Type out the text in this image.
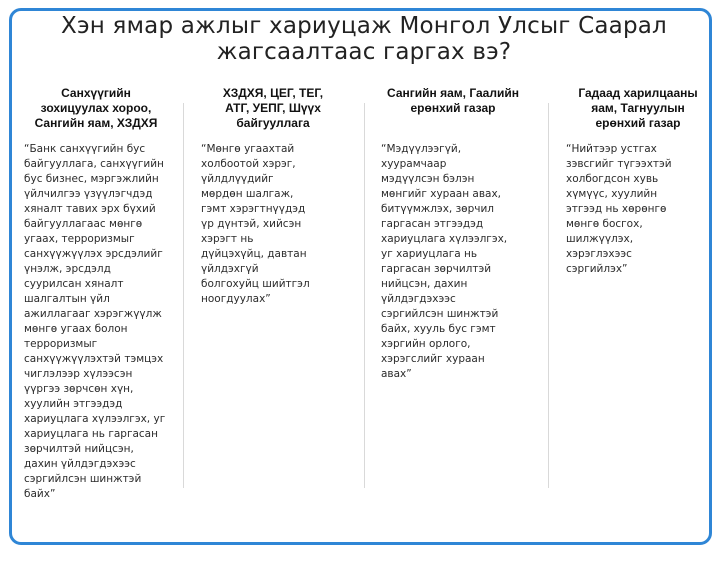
Хэн ямар ажлыг хариуцаж Монгол Улсыг Саарал
жагсаалтаас гаргах вэ?
Санхүүгийн
зохицуулах хороо,
Сангийн яам, ХЗДХЯ
“Банк санхүүгийн бус
байгууллага, санхүүгийн
бус бизнес, мэргэжлийн
үйлчилгээ үзүүлэгчдэд
хяналт тавих эрх бүхий
байгууллагаас мөнгө
угаах, терроризмыг
санхүүжүүлэх эрсдэлийг
үнэлж, эрсдэлд
суурилсан хяналт
шалгалтын үйл
ажиллагааг хэрэгжүүлж
мөнгө угаах болон
терроризмыг
санхүүжүүлэхтэй тэмцэх
чиглэлээр хүлээсэн
үүргээ зөрчсөн хүн,
хуулийн этгээдэд
хариуцлага хүлээлгэх, уг
хариуцлага нь гаргасан
зөрчилтэй нийцсэн,
дахин үйлдэгдэхээс
сэргийлсэн шинжтэй
байх”
ХЗДХЯ, ЦЕГ, ТЕГ,
АТГ, УЕПГ, Шүүх
байгууллага
“Мөнгө угаахтай
холбоотой хэрэг,
үйлдлүүдийг
мөрдөн шалгаж,
гэмт хэрэгтнүүдэд
үр дүнтэй, хийсэн
хэрэгт нь
дүйцэхүйц, давтан
үйлдэхгүй
болгохуйц шийтгэл
ноогдуулах”
Сангийн яам, Гаалийн
ерөнхий газар
“Мэдүүлээгүй,
хуурамчаар
мэдүүлсэн бэлэн
мөнгийг хураан авах,
битүүмжлэх, зөрчил
гаргасан этгээдэд
хариуцлага хүлээлгэх,
уг хариуцлага нь
гаргасан зөрчилтэй
нийцсэн, дахин
үйлдэгдэхээс
сэргийлсэн шинжтэй
байх, хууль бус гэмт
хэргийн орлого,
хэрэгслийг хураан
авах”
Гадаад харилцааны
яам, Тагнуулын
ерөнхий газар
“Нийтээр устгах
зэвсгийг түгээхтэй
холбогдсон хувь
хүмүүс, хуулийн
этгээд нь хөрөнгө
мөнгө босгох,
шилжүүлэх,
хэрэглэхээс
сэргийлэх”
